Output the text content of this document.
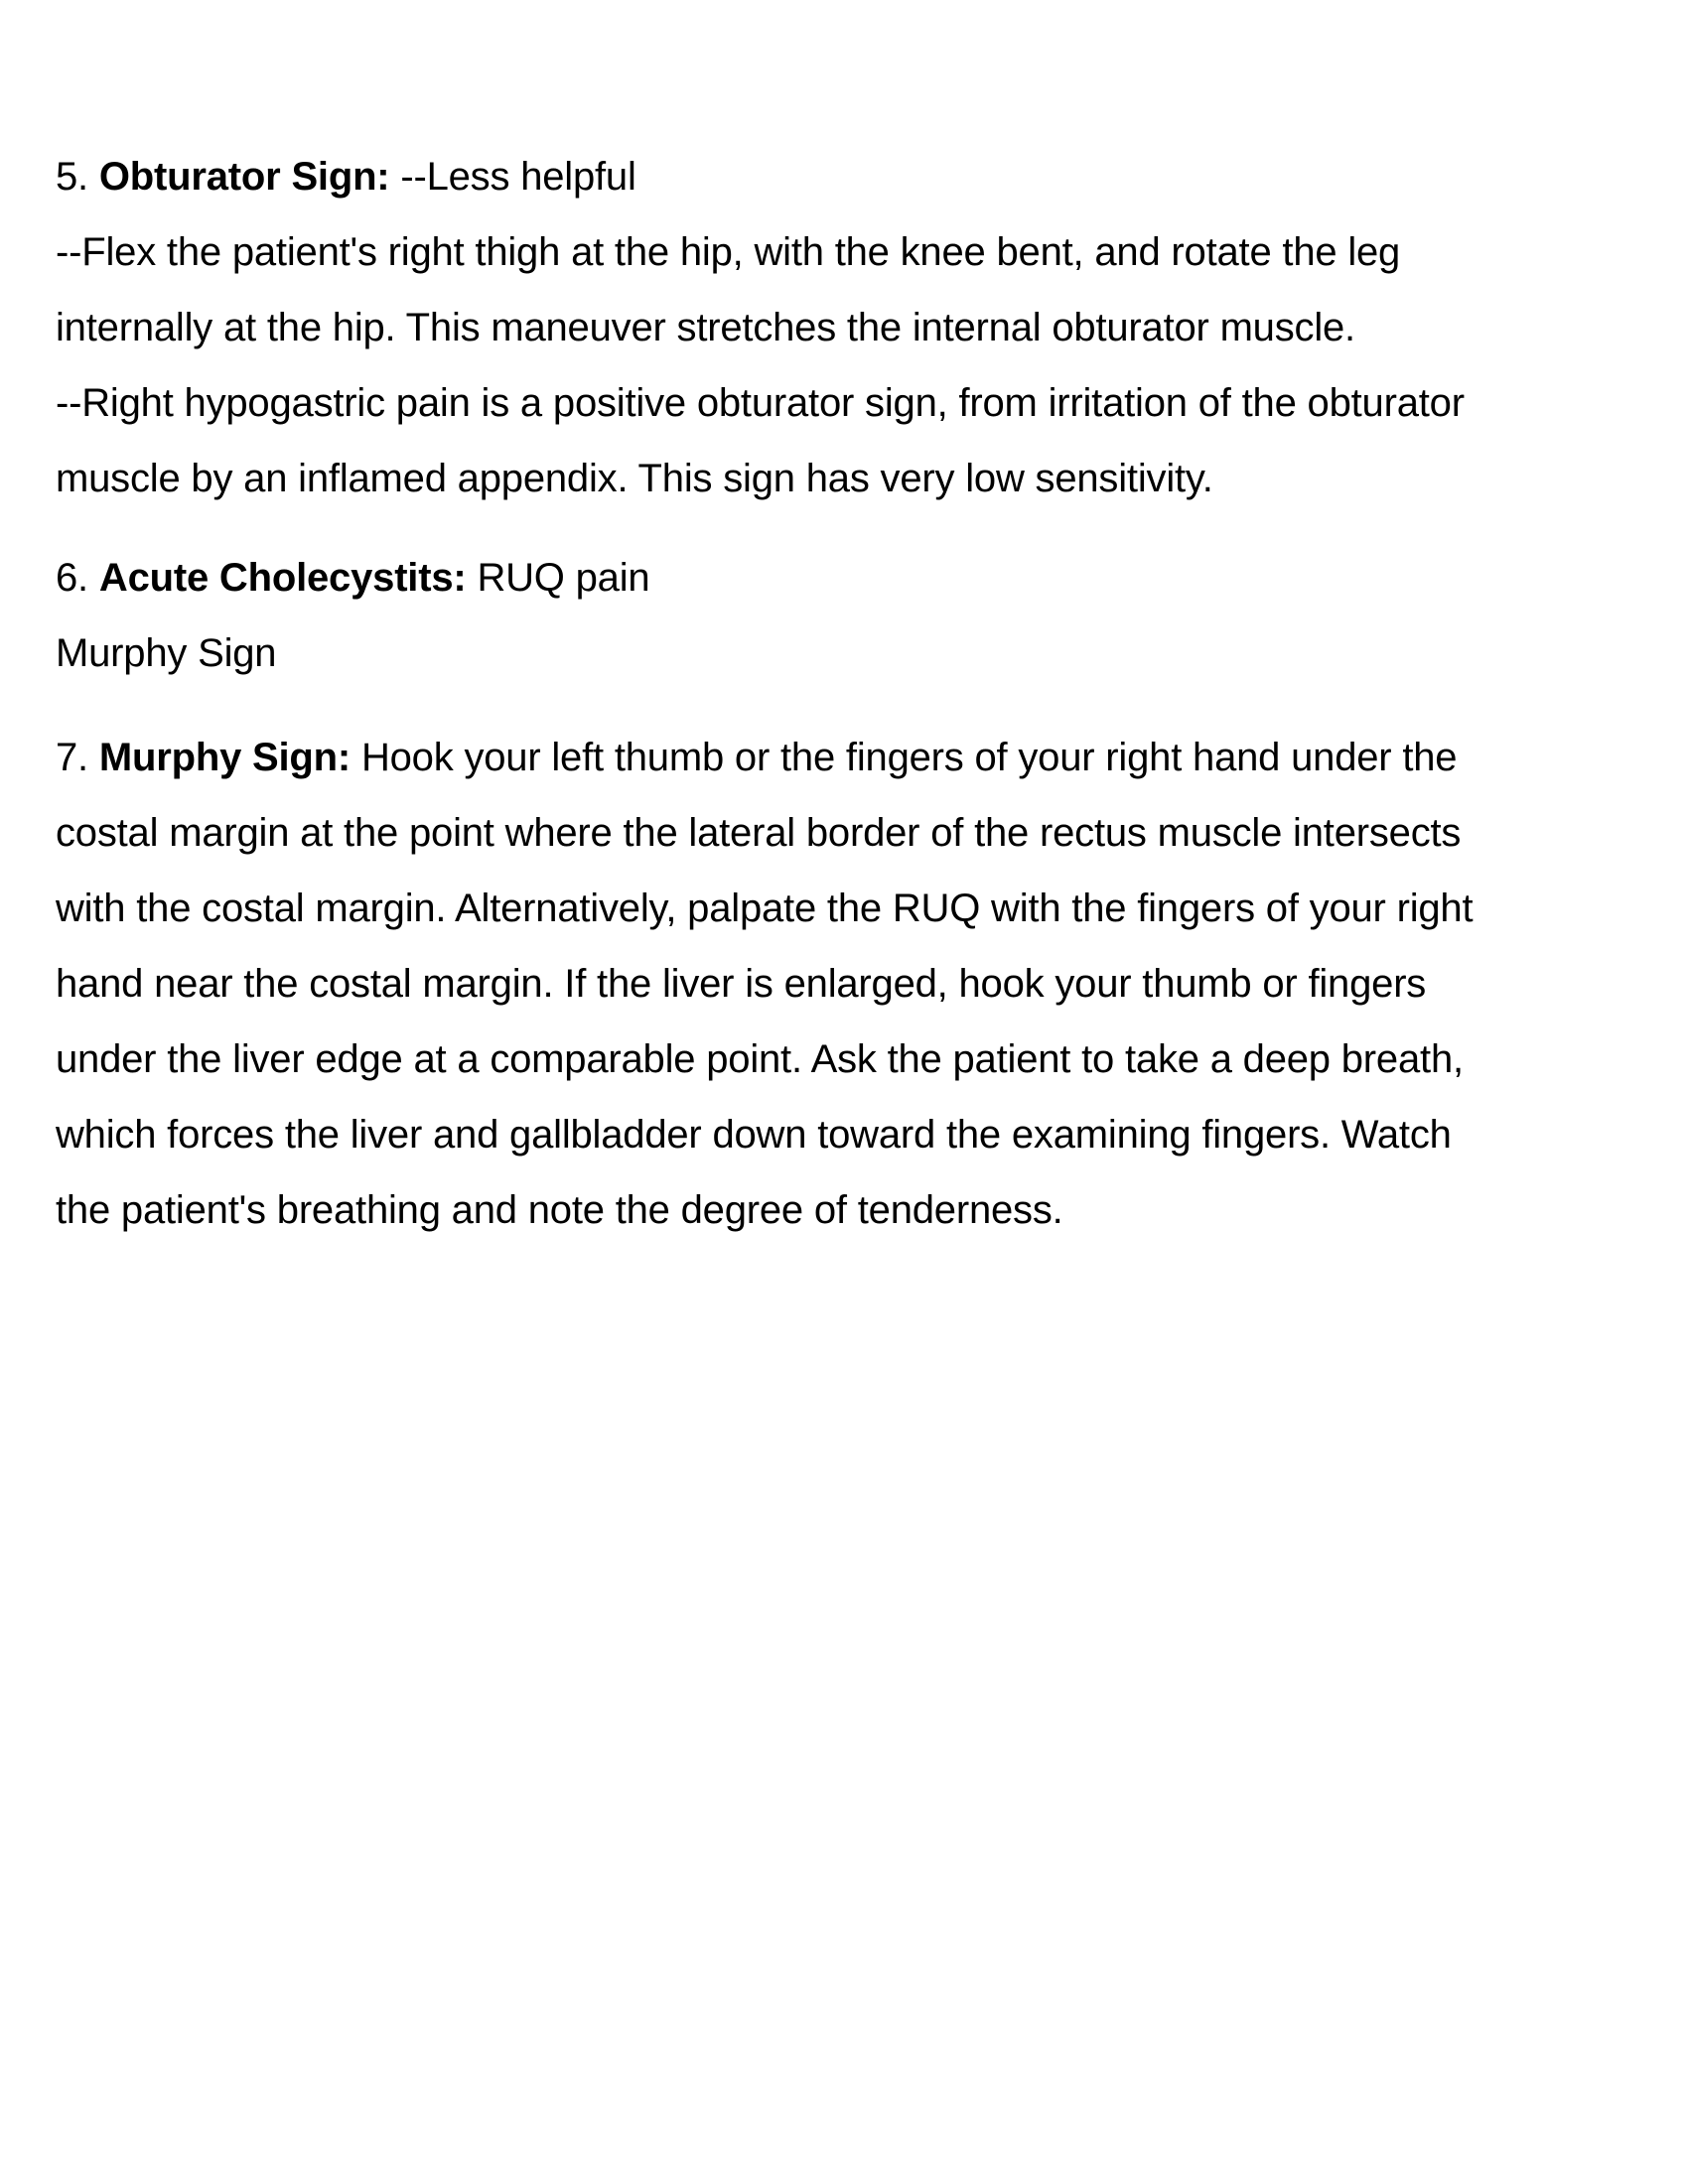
5. Obturator Sign: --Less helpful
--Flex the patient's right thigh at the hip, with the knee bent, and rotate the leg
internally at the hip. This maneuver stretches the internal obturator muscle.
--Right hypogastric pain is a positive obturator sign, from irritation of the obturator
muscle by an inflamed appendix. This sign has very low sensitivity.
6. Acute Cholecystits: RUQ pain
Murphy Sign
7. Murphy Sign: Hook your left thumb or the fingers of your right hand under the
costal margin at the point where the lateral border of the rectus muscle intersects
with the costal margin. Alternatively, palpate the RUQ with the fingers of your right
hand near the costal margin. If the liver is enlarged, hook your thumb or fingers
under the liver edge at a comparable point. Ask the patient to take a deep breath,
which forces the liver and gallbladder down toward the examining fingers. Watch
the patient's breathing and note the degree of tenderness.
